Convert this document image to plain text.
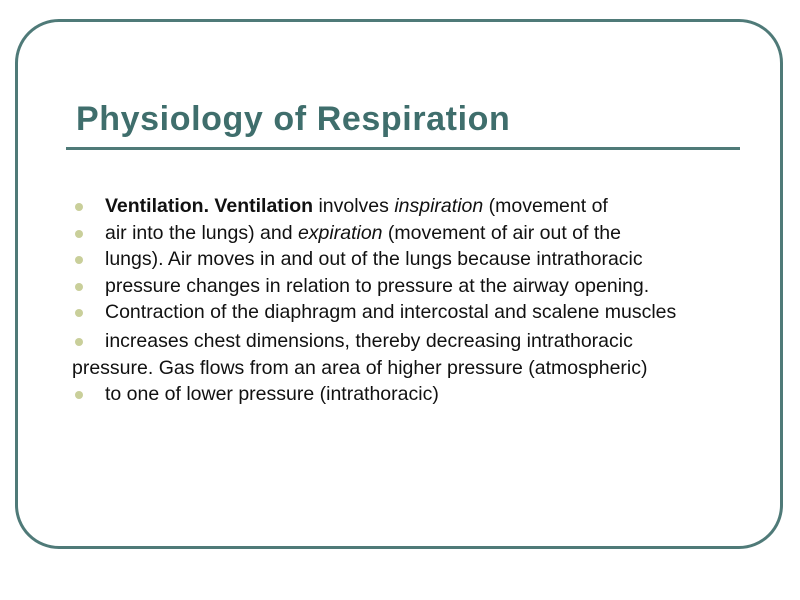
Physiology of Respiration
Ventilation. Ventilation involves inspiration (movement of
air into the lungs) and expiration (movement of air out of the
lungs). Air moves in and out of the lungs because intrathoracic
pressure changes in relation to pressure at the airway opening.
Contraction of the diaphragm and intercostal and scalene muscles
increases chest dimensions, thereby decreasing intrathoracic
pressure. Gas flows from an area of higher pressure (atmospheric)
to one of lower pressure (intrathoracic)
